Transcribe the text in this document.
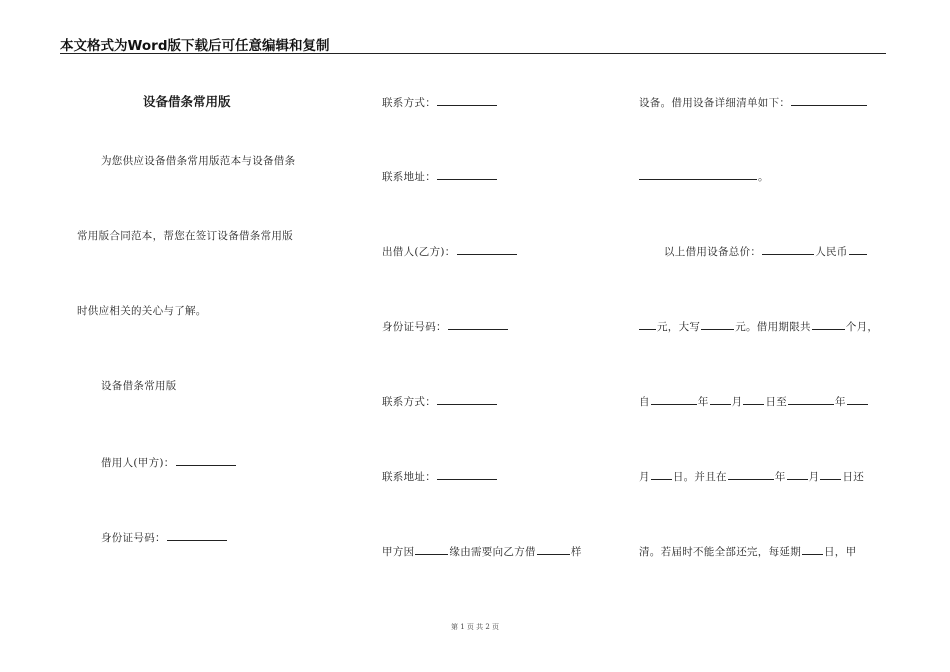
本文格式为Word版下载后可任意编辑和复制
设备借条常用版
为您供应设备借条常用版范本与设备借条
常用版合同范本，帮您在签订设备借条常用版
时供应相关的关心与了解。
设备借条常用版
借用人(甲方)：
身份证号码：
联系方式：
联系地址：
出借人(乙方)：
身份证号码：
联系方式：
联系地址：
甲方因	缘由需要向乙方借	样
设备。借用设备详细清单如下：
。
以上借用设备总价：	人民币
元，大写	元。借用期限共	个月，
自	年 月 日至	年
月 日。并且在	年 月 日还
清。若届时不能全部还完，每延期 日，甲
第 1 页 共 2 页
